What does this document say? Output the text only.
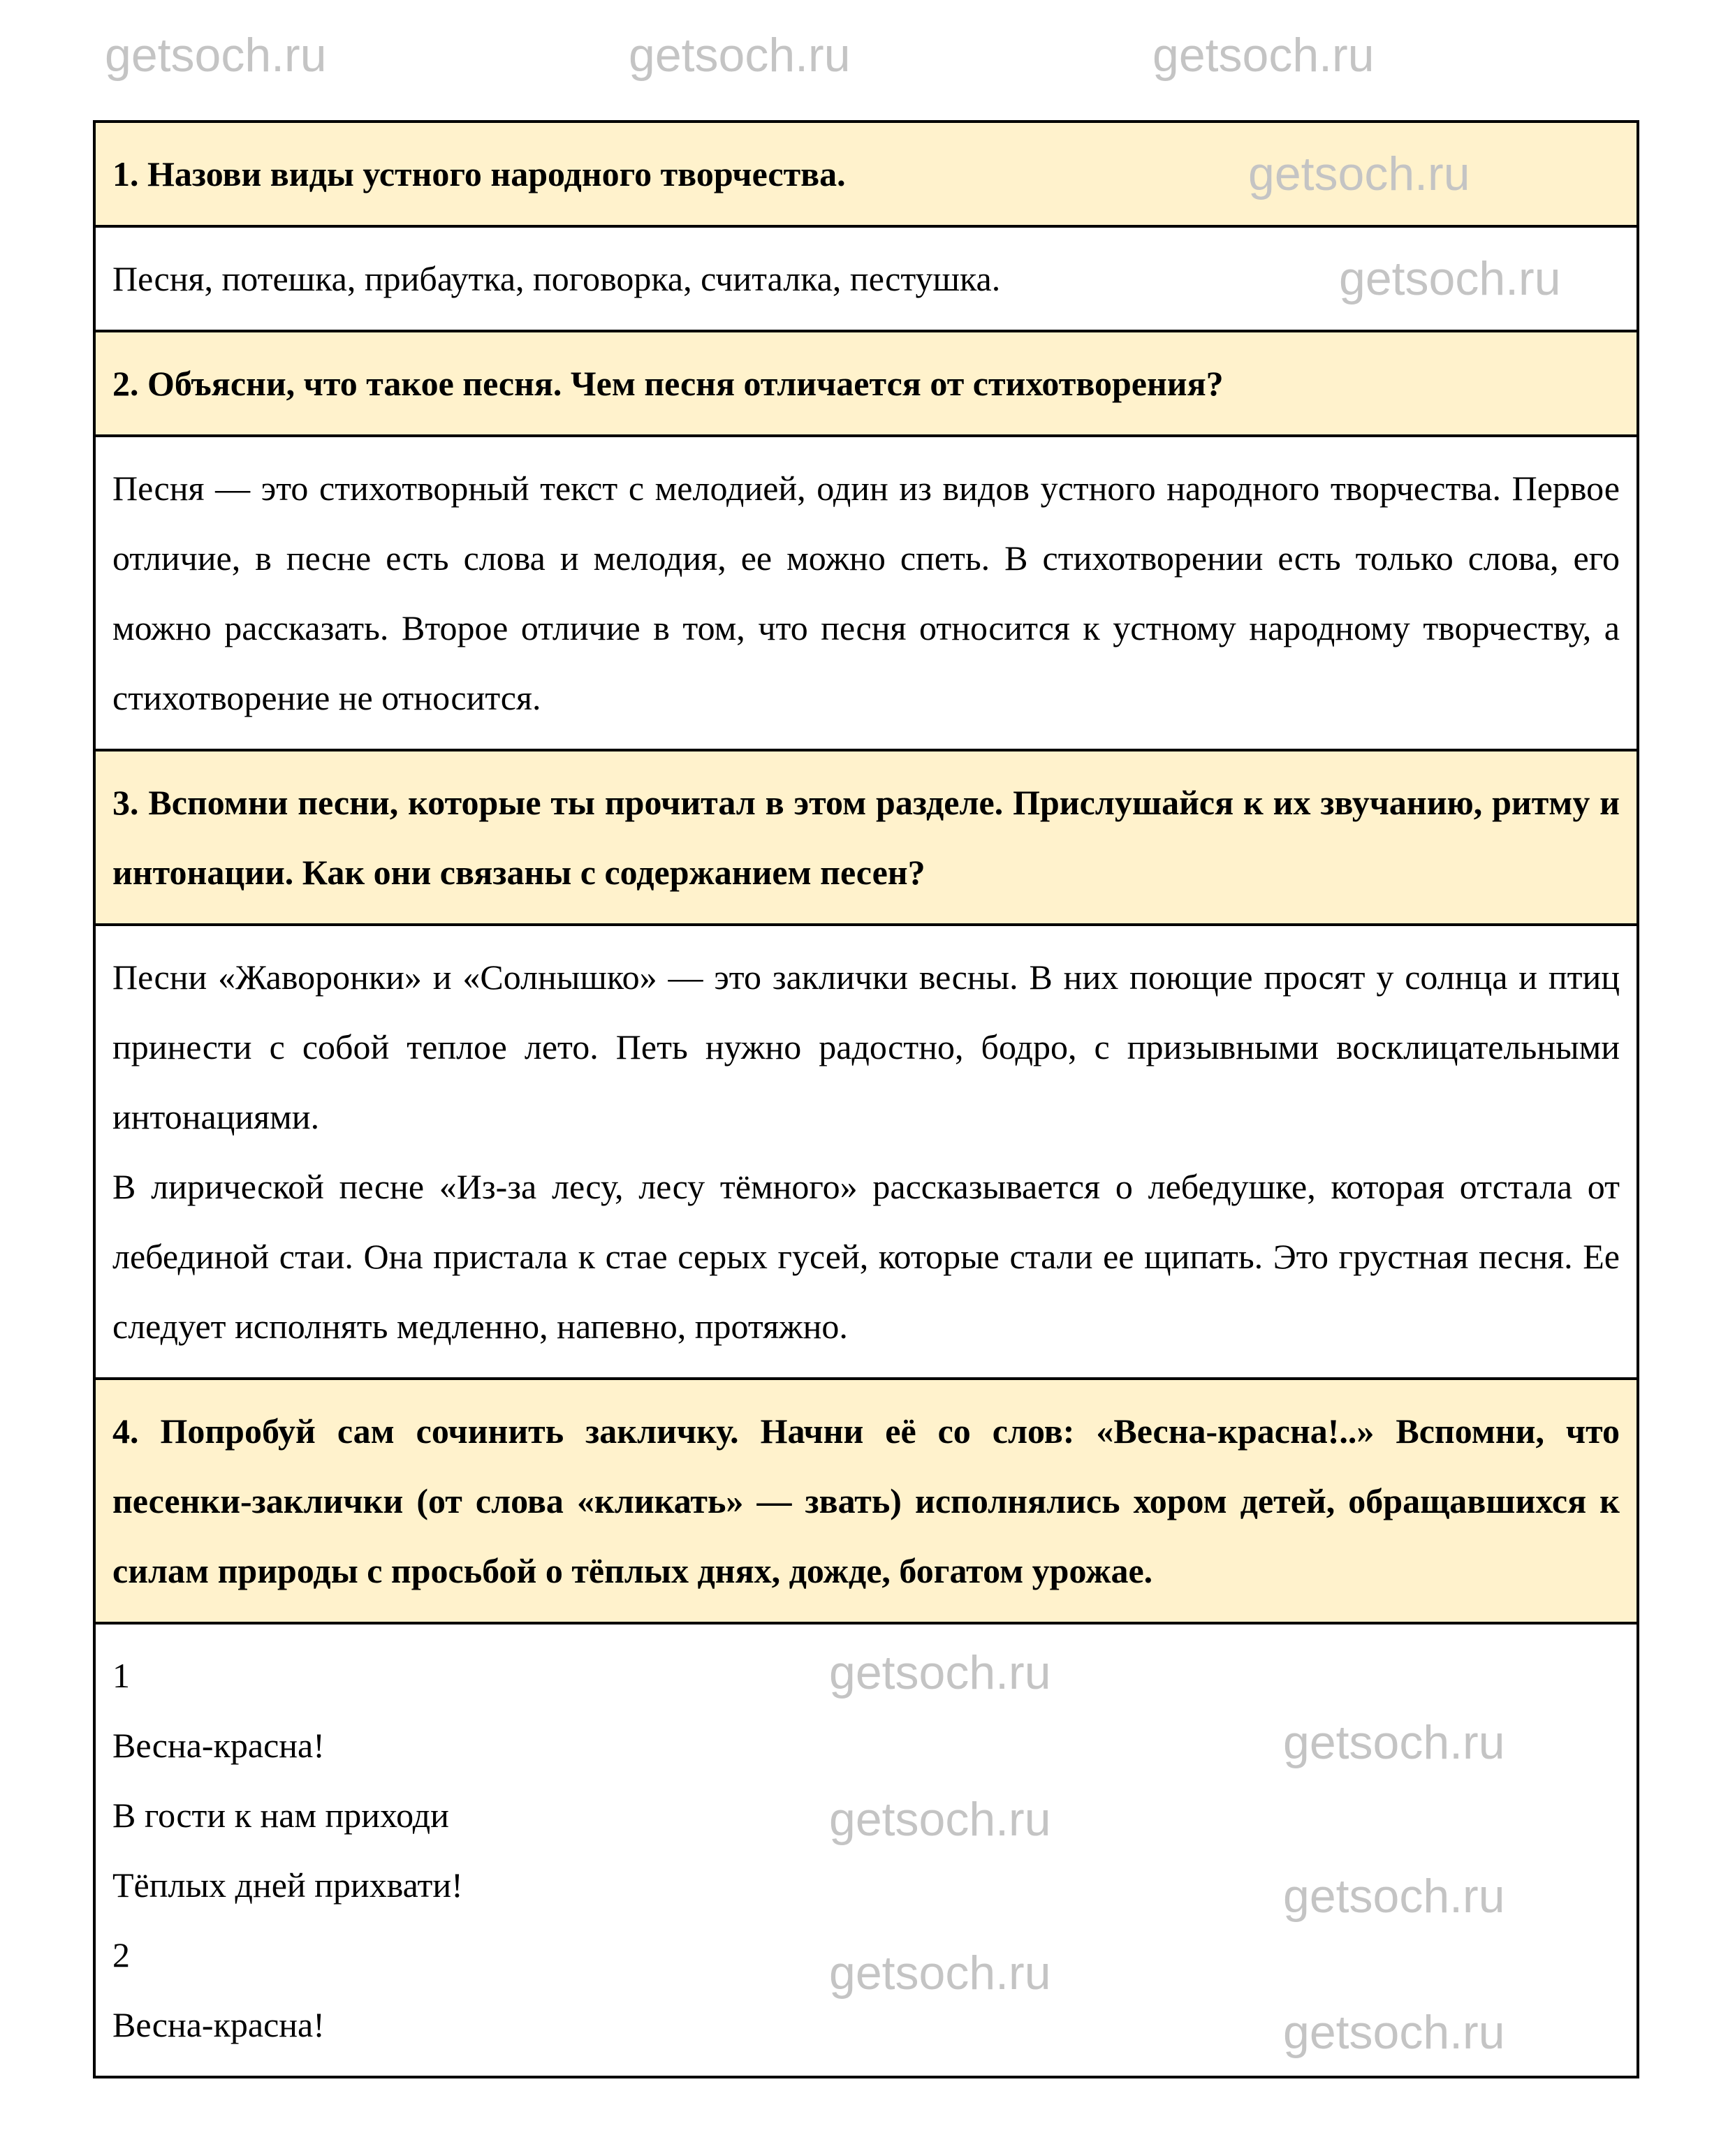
getsoch.ru	getsoch.ru	getsoch.ru
1. Назови виды устного народного творчества.	getsoch.ru
Песня, потешка, прибаутка, поговорка, считалка, пестушка.	getsoch.ru
2. Объясни, что такое песня. Чем песня отличается от стихотворения?
Песня — это стихотворный текст с мелодией, один из видов устного народного творчества. Первое отличие, в песне есть слова и мелодия, ее можно спеть. В стихотворении есть только слова, его можно рассказать. Второе отличие в том, что песня относится к устному народному творчеству, а стихотворение не относится.
3. Вспомни песни, которые ты прочитал в этом разделе. Прислушайся к их звучанию, ритму и интонации. Как они связаны с содержанием песен?
Песни «Жаворонки» и «Солнышко» — это заклички весны. В них поющие просят у солнца и птиц принести с собой теплое лето. Петь нужно радостно, бодро, с призывными восклицательными интонациями.
В лирической песне «Из-за лесу, лесу тёмного» рассказывается о лебедушке, которая отстала от лебединой стаи. Она пристала к стае серых гусей, которые стали ее щипать. Это грустная песня. Ее следует исполнять медленно, напевно, протяжно.
4. Попробуй сам сочинить закличку. Начни её со слов: «Весна-красна!..» Вспомни, что песенки-заклички (от слова «кликать» — звать) исполнялись хором детей, обращавшихся к силам природы с просьбой о тёплых днях, дожде, богатом урожае.
1
Весна-красна!
В гости к нам приходи
Тёплых дней прихвати!
2
Весна-красна!
getsoch.ru
getsoch.ru
getsoch.ru
getsoch.ru
getsoch.ru
getsoch.ru
